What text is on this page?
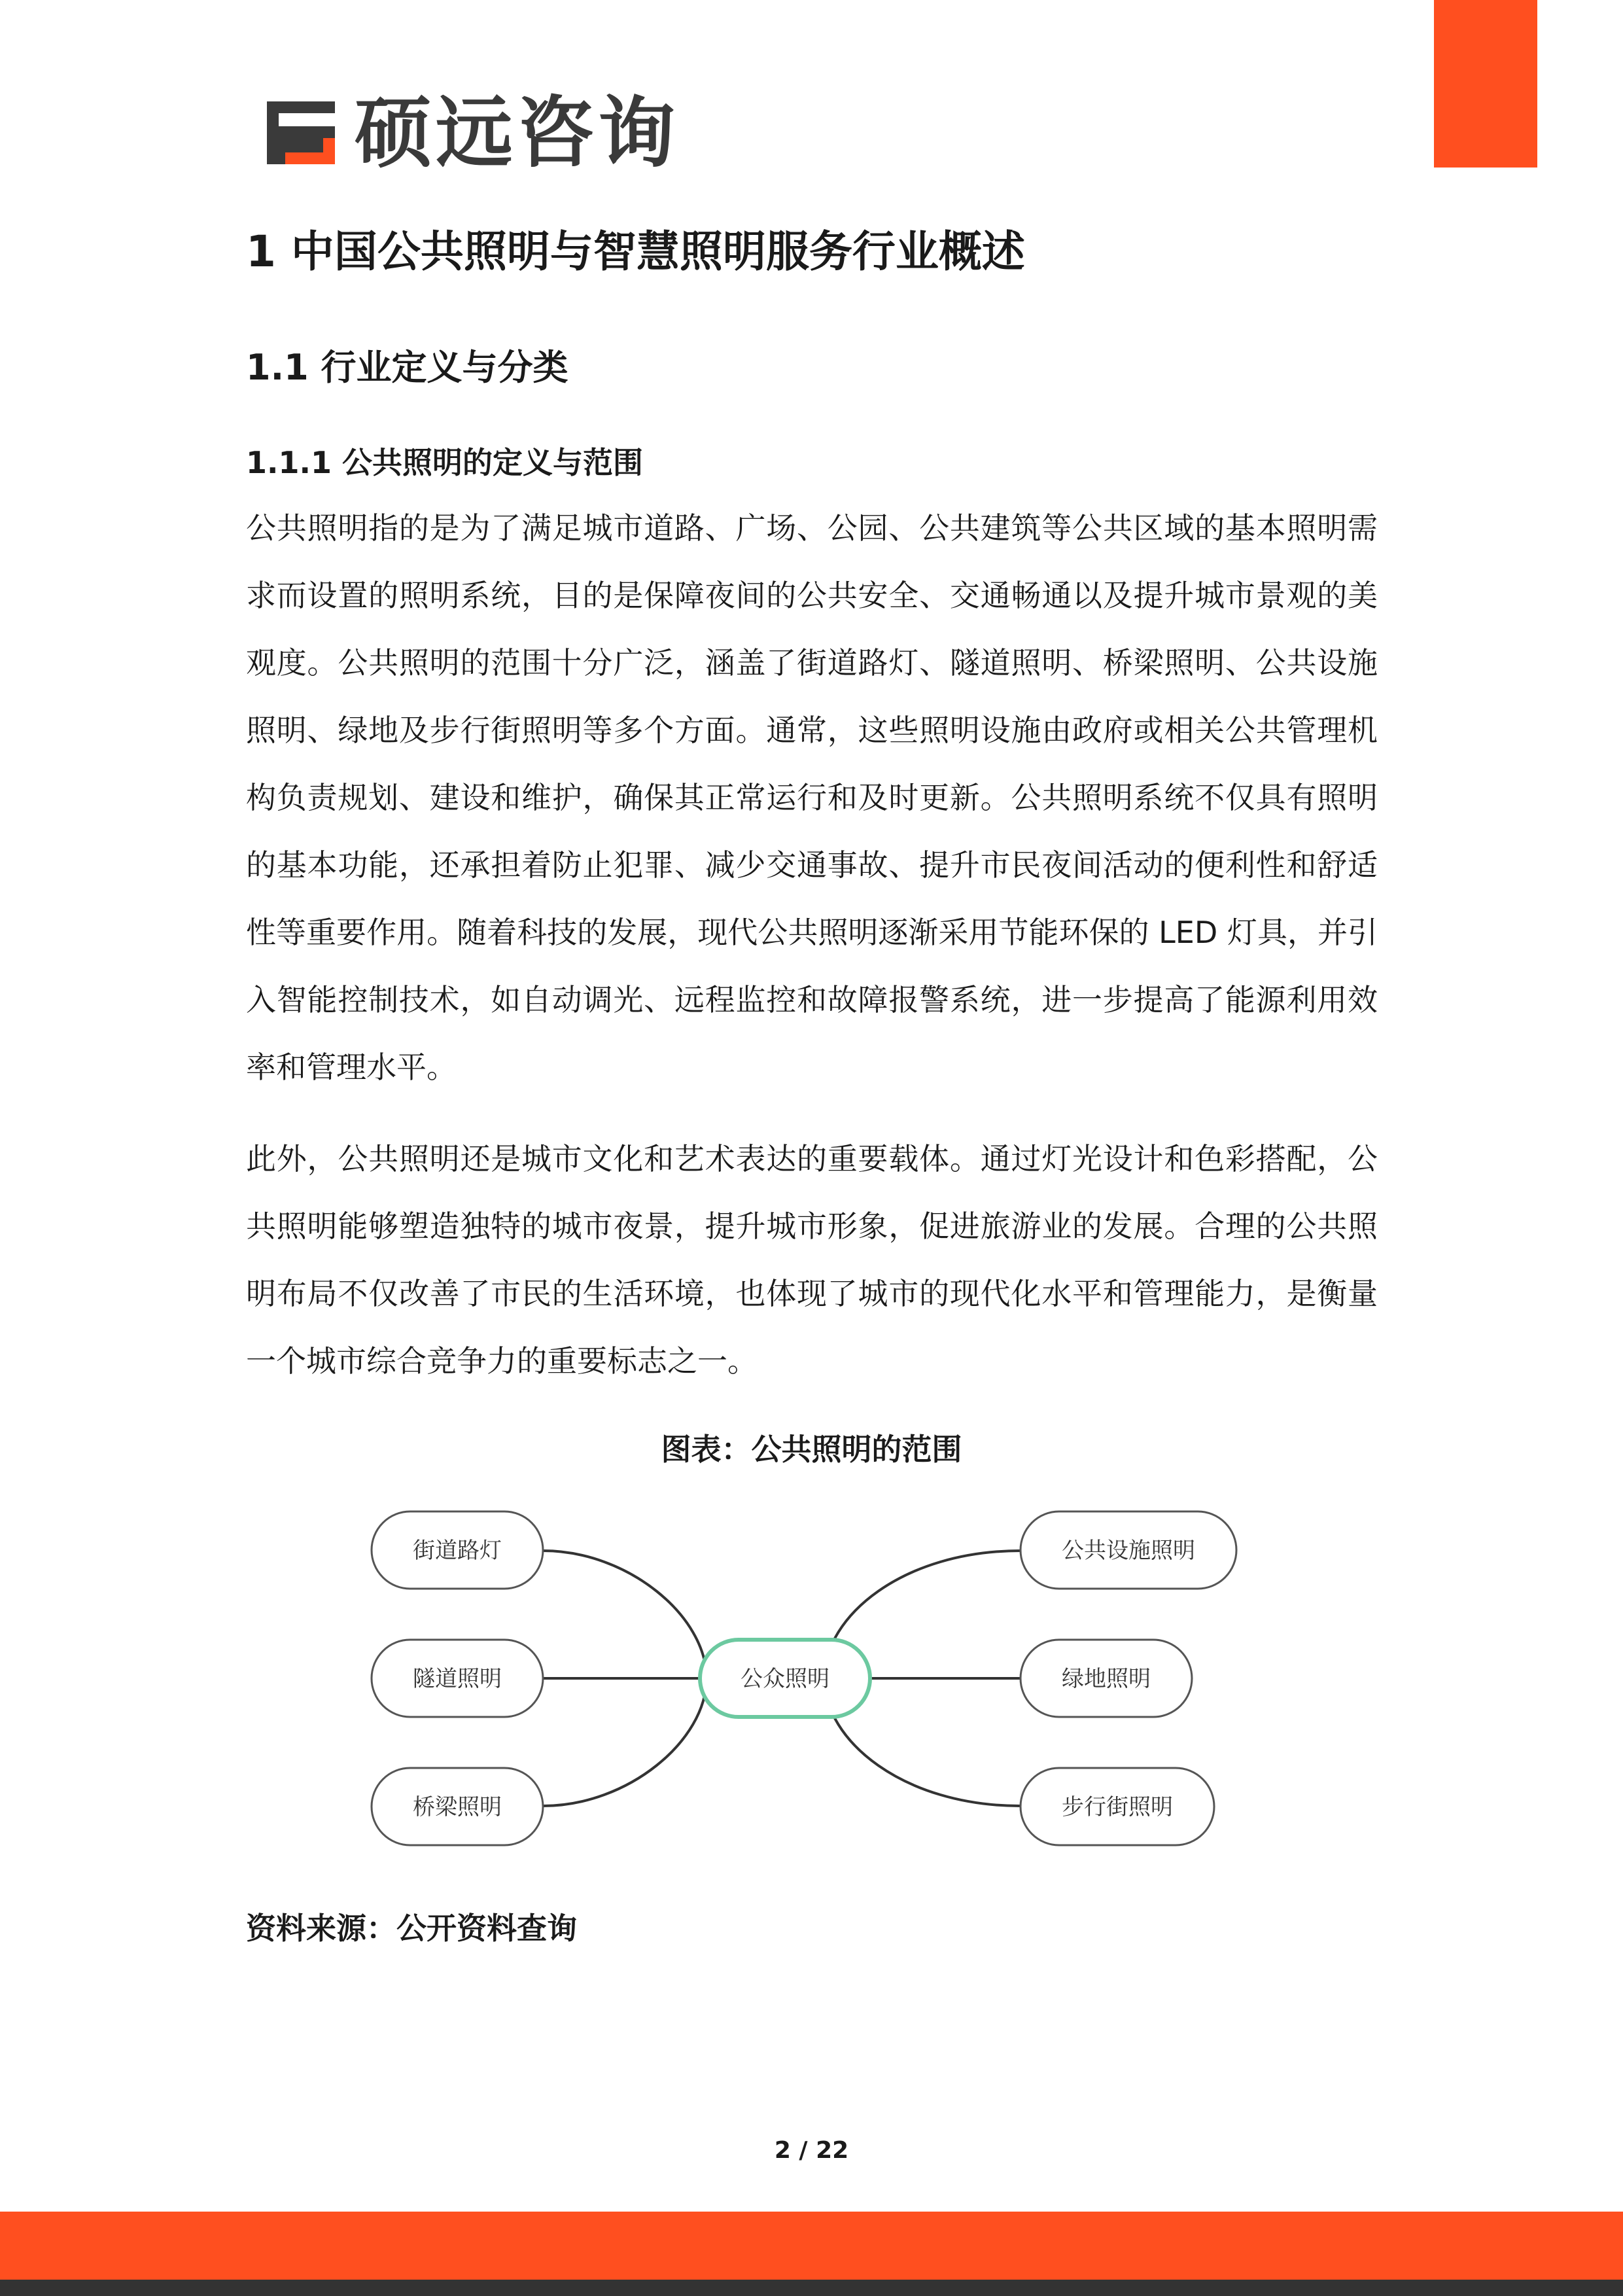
硕远咨询
1 中国公共照明与智慧照明服务行业概述
1.1 行业定义与分类
1.1.1 公共照明的定义与范围

公共照明指的是为了满足城市道路、广场、公园、公共建筑等公共区域的基本照明需求而设置的照明系统，目的是保障夜间的公共安全、交通畅通以及提升城市景观的美观度。公共照明的范围十分广泛，涵盖了街道路灯、隧道照明、桥梁照明、公共设施照明、绿地及步行街照明等多个方面。通常，这些照明设施由政府或相关公共管理机构负责规划、建设和维护，确保其正常运行和及时更新。公共照明系统不仅具有照明的基本功能，还承担着防止犯罪、减少交通事故、提升市民夜间活动的便利性和舒适性等重要作用。随着科技的发展，现代公共照明逐渐采用节能环保的 LED 灯具，并引入智能控制技术，如自动调光、远程监控和故障报警系统，进一步提高了能源利用效率和管理水平。

此外，公共照明还是城市文化和艺术表达的重要载体。通过灯光设计和色彩搭配，公共照明能够塑造独特的城市夜景，提升城市形象，促进旅游业的发展。合理的公共照明布局不仅改善了市民的生活环境，也体现了城市的现代化水平和管理能力，是衡量一个城市综合竞争力的重要标志之一。

图表：公共照明的范围

街道路灯
隧道照明
桥梁照明
公众照明
公共设施照明
绿地照明
步行街照明

资料来源：公开资料查询

2 / 22
